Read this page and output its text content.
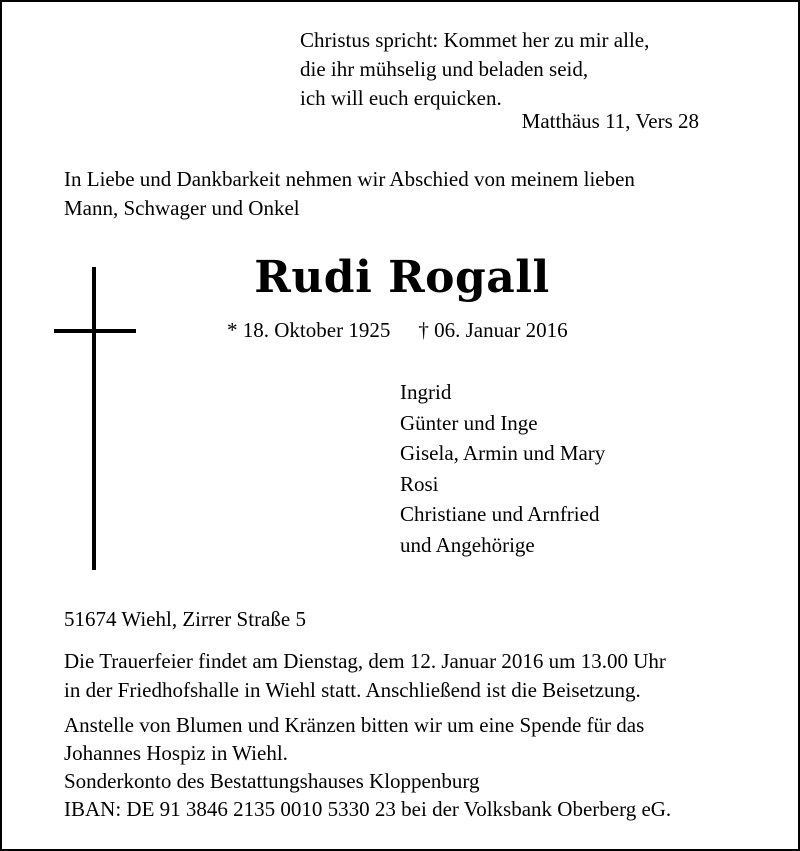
Christus spricht: Kommet her zu mir alle,
die ihr mühselig und beladen seid,
ich will euch erquicken.
Matthäus 11, Vers 28
In Liebe und Dankbarkeit nehmen wir Abschied von meinem lieben
Mann, Schwager und Onkel
Rudi Rogall
* 18. Oktober 1925 † 06. Januar 2016
Ingrid
Günter und Inge
Gisela, Armin und Mary
Rosi
Christiane und Arnfried
und Angehörige
51674 Wiehl, Zirrer Straße 5
Die Trauerfeier findet am Dienstag, dem 12. Januar 2016 um 13.00 Uhr
in der Friedhofshalle in Wiehl statt. Anschließend ist die Beisetzung.
Anstelle von Blumen und Kränzen bitten wir um eine Spende für das
Johannes Hospiz in Wiehl.
Sonderkonto des Bestattungshauses Kloppenburg
IBAN: DE 91 3846 2135 0010 5330 23 bei der Volksbank Oberberg eG.
